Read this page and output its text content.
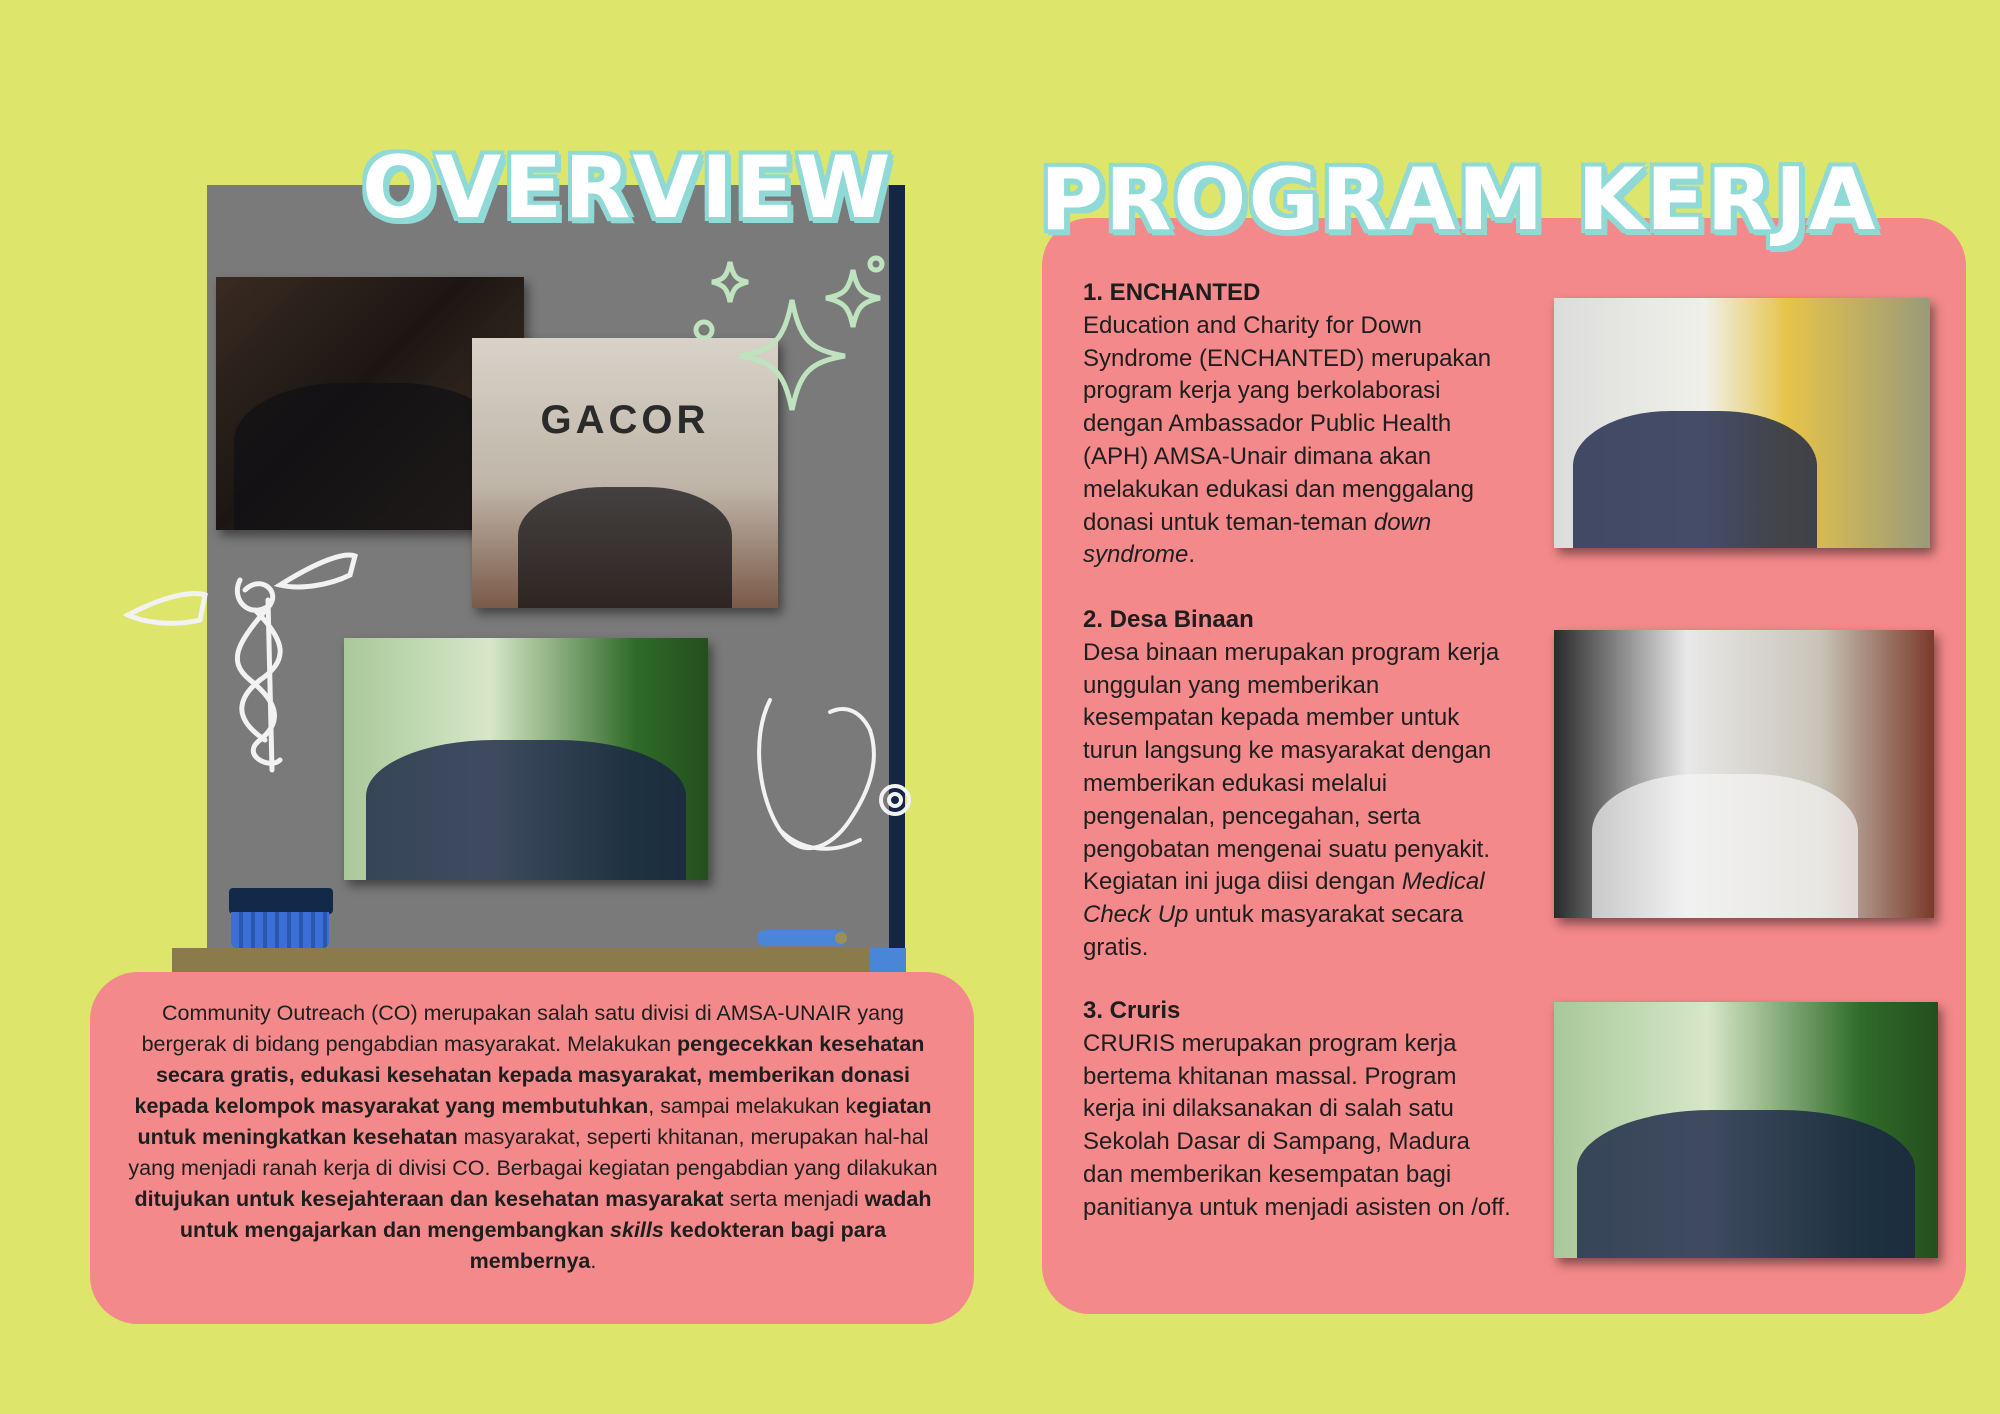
GACOR
OVERVIEW
Community Outreach (CO) merupakan salah satu divisi di AMSA-UNAIR yang bergerak di bidang pengabdian masyarakat. Melakukan pengecekkan kesehatan secara gratis, edukasi kesehatan kepada masyarakat, memberikan donasi kepada kelompok masyarakat yang membutuhkan, sampai melakukan kegiatan untuk meningkatkan kesehatan masyarakat, seperti khitanan, merupakan hal-hal yang menjadi ranah kerja di divisi CO. Berbagai kegiatan pengabdian yang dilakukan ditujukan untuk kesejahteraan dan kesehatan masyarakat serta menjadi wadah untuk mengajarkan dan mengembangkan skills kedokteran bagi para membernya.
PROGRAM KERJA
1. ENCHANTED
Education and Charity for Down Syndrome (ENCHANTED) merupakan program kerja yang berkolaborasi dengan Ambassador Public Health (APH) AMSA-Unair dimana akan melakukan edukasi dan menggalang donasi untuk teman-teman down syndrome.
2. Desa Binaan
Desa binaan merupakan program kerja unggulan yang memberikan kesempatan kepada member untuk turun langsung ke masyarakat dengan memberikan edukasi melalui pengenalan, pencegahan, serta pengobatan mengenai suatu penyakit. Kegiatan ini juga diisi dengan Medical Check Up untuk masyarakat secara gratis.
3. Cruris
CRURIS merupakan program kerja bertema khitanan massal. Program kerja ini dilaksanakan di salah satu Sekolah Dasar di Sampang, Madura dan memberikan kesempatan bagi panitianya untuk menjadi asisten on /off.
